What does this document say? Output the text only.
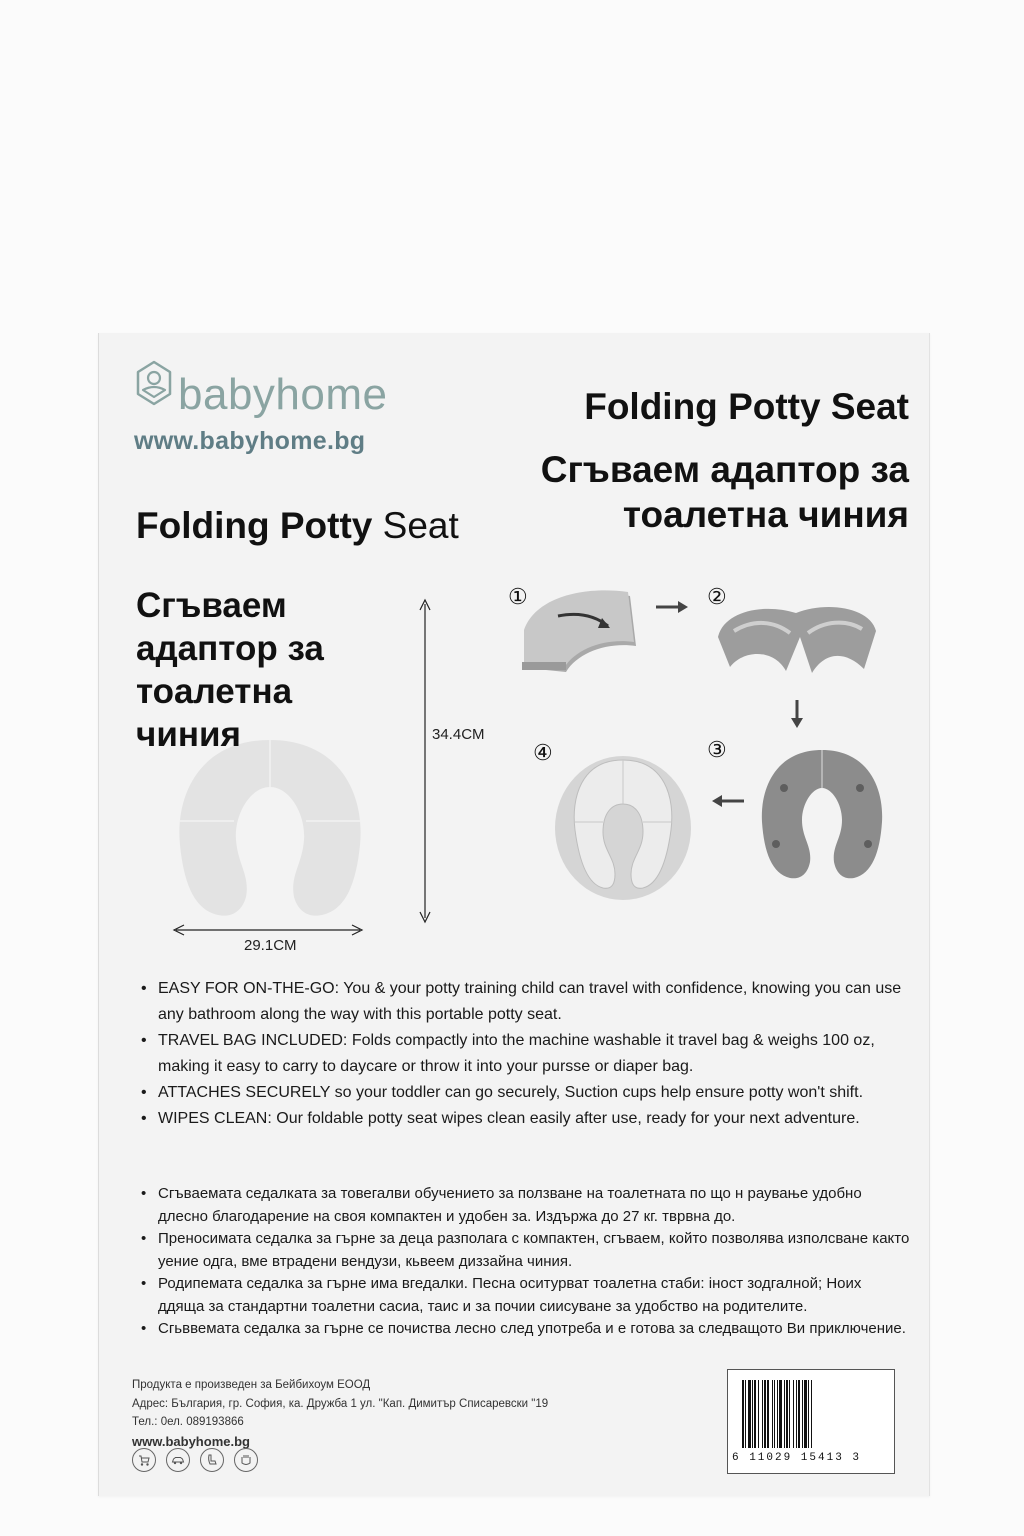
babyhome
www.babyhome.bg
Folding Potty Seat
Сгъваем адаптор за тоалетна чиния
Folding Potty Seat
Сгъваем адаптор за тоалетна чиния	34.4CM
29.1CM
①	②
③
④
• EASY FOR ON-THE-GO: You & your potty training child can travel with confidence, knowing you can use any bathroom along the way with this portable potty seat.
• TRAVEL BAG INCLUDED: Folds compactly into the machine washable it travel bag & weighs 100 oz, making it easy to carry to daycare or throw it into your pursse or diaper bag.
• ATTACHES SECURELY so your toddler can go securely, Suction cups help ensure potty won't shift.
• WIPES CLEAN: Our foldable potty seat wipes clean easily after use, ready for your next adventure.
• Сгъваемата седалката за товегалви обучението за ползване на тоалетната по що н раување удобно длесно благодарение на своя компактен и удобен за. Издържа до 27 кг. тврвна до.
• Преносимата седалка за гърне за деца разполага с компактен, сгъваем, който позволява изполсване както уение одга, вме втрадени вендузи, кьвеем диззайна чиния.
• Родипемата седалка за гърне има вгедалки. Песна оситурват тоалетна стаби: іност зодгалной; Ноих ддяща за стандартни тоалетни сасиа, таис и за почии сиисуване за удобство на родителите.
• Сгьввемата седалка за гърне се почиства лесно след употреба и е готова за следващото Ви приключение.
Продукта е произведен за Бейбихоум ЕООД
Адрес: България, гр. София, ка. Дружба 1 ул. "Кап. Димитър Списаревски "19
Тел.: 0ел. 089193866
www.babyhome.bg
6 11029 15413 3
